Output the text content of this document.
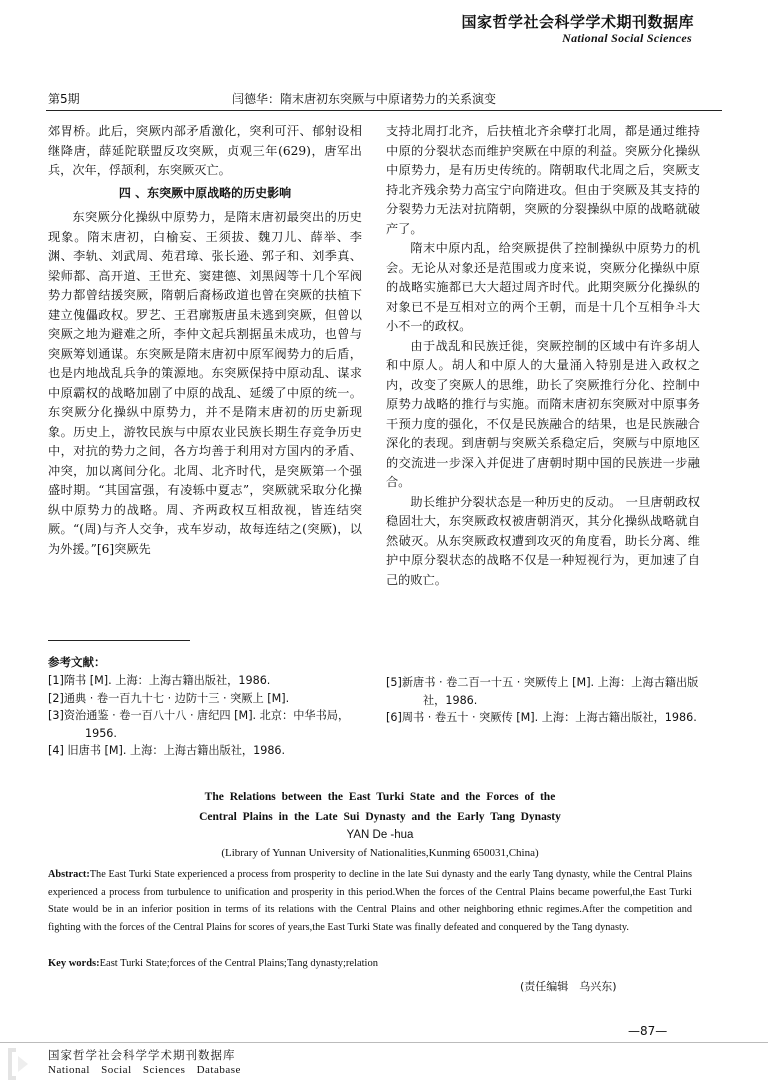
国家哲学社会科学学术期刊数据库
National Social Sciences
第5期	闫德华：隋末唐初东突厥与中原诸势力的关系演变

郊胃桥。此后，突厥内部矛盾激化，突利可汗、郁射设相继降唐，薛延陀联盟反攻突厥，贞观三年(629)，唐军出兵，次年，俘颉利，东突厥灭亡。

四 、东突厥中原战略的历史影响

东突厥分化操纵中原势力，是隋末唐初最突出的历史现象。隋末唐初，白榆妄、王须拔、魏刀儿、薛举、李渊、李轨、刘武周、苑君璋、张长逊、郭子和、刘季真、梁师都、高开道、王世充、窦建德、刘黑闼等十几个军阀势力都曾结援突厥，隋朝后裔杨政道也曾在突厥的扶植下建立傀儡政权。罗艺、王君廓叛唐虽未逃到突厥，但曾以突厥之地为避难之所，李仲文起兵割据虽未成功，也曾与突厥筹划通谋。东突厥是隋末唐初中原军阀势力的后盾，也是内地战乱兵争的策源地。东突厥保持中原动乱、谋求中原霸权的战略加剧了中原的战乱、延缓了中原的统一。东突厥分化操纵中原势力，并不是隋末唐初的历史新现象。历史上，游牧民族与中原农业民族长期生存竞争历史中，对抗的势力之间，各方均善于利用对方国内的矛盾、冲突，加以离间分化。北周、北齐时代，是突厥第一个强盛时期。“其国富强，有凌轹中夏志”，突厥就采取分化操纵中原势力的战略。周、齐两政权互相敌视，皆连结突厥。“(周)与齐人交争，戎车岁动，故每连结之(突厥)，以为外援。”[6]突厥先

支持北周打北齐，后扶植北齐余孽打北周，都是通过维持中原的分裂状态而维护突厥在中原的利益。突厥分化操纵中原势力，是有历史传统的。隋朝取代北周之后，突厥支持北齐残余势力高宝宁向隋进攻。但由于突厥及其支持的分裂势力无法对抗隋朝，突厥的分裂操纵中原的战略就破产了。

隋末中原内乱，给突厥提供了控制操纵中原势力的机会。无论从对象还是范围或力度来说，突厥分化操纵中原的战略实施都已大大超过周齐时代。此期突厥分化操纵的对象已不是互相对立的两个王朝，而是十几个互相争斗大小不一的政权。

由于战乱和民族迁徙，突厥控制的区域中有许多胡人和中原人。胡人和中原人的大量涌入特别是进入政权之内，改变了突厥人的思维，助长了突厥推行分化、控制中原势力战略的推行与实施。而隋末唐初东突厥对中原事务干预力度的强化，不仅是民族融合的结果，也是民族融合深化的表现。到唐朝与突厥关系稳定后，突厥与中原地区的交流进一步深入并促进了唐朝时期中国的民族进一步融合。

助长维护分裂状态是一种历史的反动。 一旦唐朝政权稳固壮大，东突厥政权被唐朝消灭，其分化操纵战略就自然破灭。从东突厥政权遭到攻灭的角度看，助长分离、维护中原分裂状态的战略不仅是一种短视行为，更加速了自己的败亡。

参考文献：
[1]隋书 [M]. 上海：上海古籍出版社，1986.
[2]通典 · 卷一百九十七 · 边防十三 · 突厥上 [M].
[3]资治通鉴 · 卷一百八十八 · 唐纪四 [M]. 北京：中华书局，1956.
[4] 旧唐书 [M]. 上海：上海古籍出版社，1986.
[5]新唐书 · 卷二百一十五 · 突厥传上 [M]. 上海：上海古籍出版社，1986.
[6]周书 · 卷五十 · 突厥传 [M]. 上海：上海古籍出版社，1986.
The Relations between the East Turki State and the Forces of the
Central Plains in the Late Sui Dynasty and the Early Tang Dynasty
YAN De -hua
(Library of Yunnan University of Nationalities,Kunming 650031,China)
Abstract:The East Turki State experienced a process from prosperity to decline in the late Sui dynasty and the early Tang dynasty, while the Central Plains experienced a process from turbulence to unification and prosperity in this period.When the forces of the Central Plains became powerful,the East Turki State would be in an inferior position in terms of its relations with the Central Plains and other neighboring ethnic regimes.After the competition and fighting with the forces of the Central Plains for scores of years,the East Turki State was finally defeated and conquered by the Tang dynasty.
Key words:East Turki State;forces of the Central Plains;Tang dynasty;relation
(责任编辑　乌兴东)
—87—
国家哲学社会科学学术期刊数据库
National Social Sciences Database
